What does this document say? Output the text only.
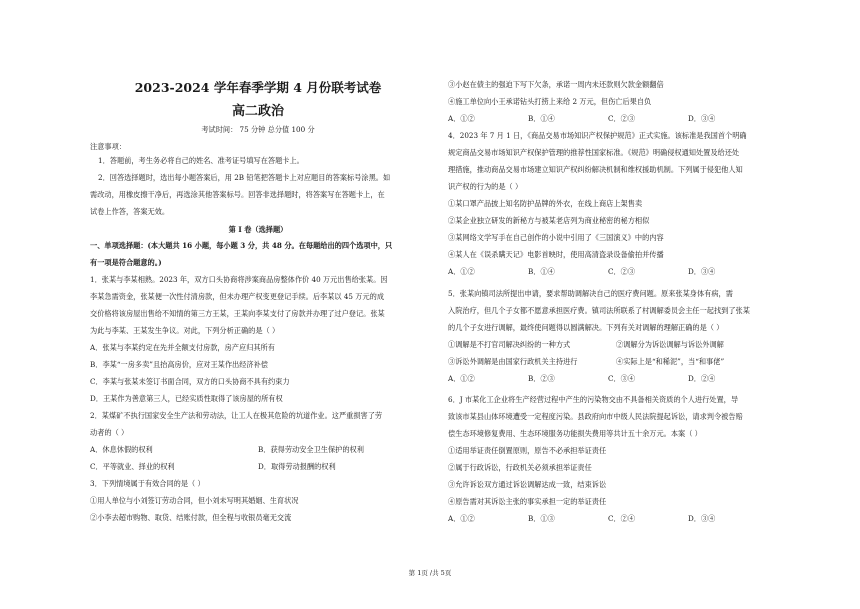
2023-2024 学年春季学期 4 月份联考试卷
高二政治
考试时间： 75 分钟 总分值 100 分
注意事项：
1．答题前，考生务必将自己的姓名、准考证号填写在答题卡上。
2．回答选择题时，选出每小题答案后，用 2B 铅笔把答题卡上对应题目的答案标号涂黑。如
需改动，用橡皮擦干净后，再选涂其他答案标号。回答非选择题时，将答案写在答题卡上，在
试卷上作答，答案无效。
第 I 卷（选择题）
一、单项选择题：(本大题共 16 小题，每小题 3 分，共 48 分。在每题给出的四个选项中，只
有一项是符合题意的。)
1．张某与李某相熟。2023 年，双方口头协商将涉案商品房整体作价 40 万元出售给张某。因
李某急需资金，张某便一次性付清房款，但未办理产权变更登记手续。后李某以 45 万元的成
交价格将该房屋出售给不知情的第三方王某，王某向李某支付了房款并办理了过户登记。张某
为此与李某、王某发生争议。对此，下列分析正确的是（ ）
A．张某与李某约定在先并全额支付房款，房产应归其所有
B．李某“一房多卖”且抬高房价，应对王某作出经济补偿
C．李某与张某未签订书面合同，双方的口头协商不具有约束力
D．王某作为善意第三人，已经实质性取得了该房屋的所有权
2．某煤矿不执行国家安全生产法和劳动法，让工人在极其危险的坑道作业。这严重损害了劳
动者的（ ）
A．休息休假的权利	B．获得劳动安全卫生保护的权利
C．平等就业、择业的权利	D．取得劳动报酬的权利
3．下列情境属于有效合同的是（ ）
①用人单位与小刘签订劳动合同，但小刘未写明其婚姻、生育状况
②小李去超市购物、取货、结账付款，但全程与收银员毫无交流
③小赵在债主的强迫下写下欠条，承诺一周内未还款则欠款金额翻倍
④施工单位向小王承诺钻头打捞上来给 2 万元，但伤亡后果自负
A．①②	B．①④	C．②③	D．③④
4．2023 年 7 月 1 日，《商品交易市场知识产权保护规范》正式实施。该标准是我国首个明确
规定商品交易市场知识产权保护管理的推荐性国家标准。《规范》明确侵权通知处置及给还处
理措施，推动商品交易市场建立知识产权纠纷解决机制和维权援助机制。下列属于侵犯他人知
识产权的行为的是（ ）
①某口罩产品披上知名防护品牌的外衣，在线上商店上架售卖
②某企业独立研发的新秘方与被某老店列为商业秘密的秘方相似
③某网络文学写手在自己创作的小说中引用了《三国演义》中的内容
④某人在《误杀瞒天记》电影首映时，使用高清盗录设备偷拍并传播
A．①②	B．①④	C．②③	D．③④
5．张某向镇司法所提出申请，要求帮助调解决自己的医疗费问题。原来张某身体有病，需
入院治疗，但几个子女都不愿意承担医疗费。镇司法所联系了村调解委员会主任一起找到了张某
的几个子女进行调解，最终使问题得以圆满解决。下列有关对调解的理解正确的是（ ）
①调解是不打官司解决纠纷的一种方式	②调解分为诉讼调解与诉讼外调解
③诉讼外调解是由国家行政机关主持进行	④实际上是“和稀泥”，当“和事佬”
A．①②	B．②③	C．③④	D．②④
6．J 市某化工企业将生产经营过程中产生的污染物交由不具备相关资质的个人进行处置，导
致该市某县山体环境遭受一定程度污染。县政府向市中级人民法院提起诉讼，请求判令被告赔
偿生态环境修复费用、生态环境服务功能损失费用等共计五十余万元。本案（ ）
①适用举证责任倒置原则，原告不必承担举证责任
②属于行政诉讼，行政机关必须承担举证责任
③允许诉讼双方通过诉讼调解达成一致，结束诉讼
④原告需对其诉讼主张的事实承担一定的举证责任
A．①②	B．①③	C．②④	D．③④
第 1页 /共 5页
